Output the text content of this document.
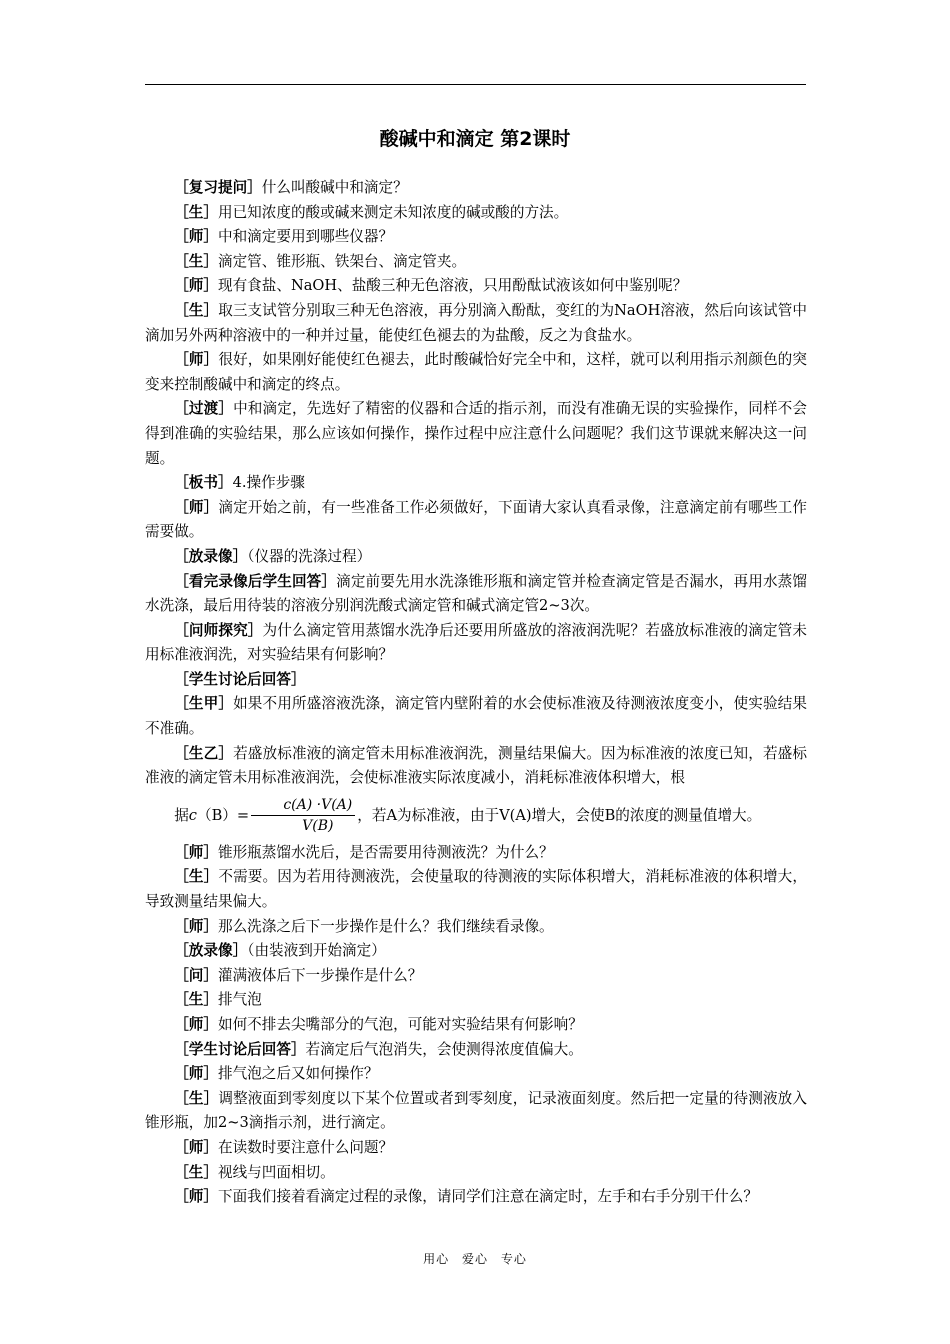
酸碱中和滴定 第2课时

［复习提问］什么叫酸碱中和滴定？

［生］用已知浓度的酸或碱来测定未知浓度的碱或酸的方法。

［师］中和滴定要用到哪些仪器？

［生］滴定管、锥形瓶、铁架台、滴定管夹。

［师］现有食盐、NaOH、盐酸三种无色溶液，只用酚酞试液该如何中鉴别呢？

［生］取三支试管分别取三种无色溶液，再分别滴入酚酞，变红的为NaOH溶液，然后向该试管中滴加另外两种溶液中的一种并过量，能使红色褪去的为盐酸，反之为食盐水。

［师］很好，如果刚好能使红色褪去，此时酸碱恰好完全中和，这样，就可以利用指示剂颜色的突变来控制酸碱中和滴定的终点。

［过渡］中和滴定，先选好了精密的仪器和合适的指示剂，而没有准确无误的实验操作，同样不会得到准确的实验结果，那么应该如何操作，操作过程中应注意什么问题呢？我们这节课就来解决这一问题。

［板书］4.操作步骤

［师］滴定开始之前，有一些准备工作必须做好，下面请大家认真看录像，注意滴定前有哪些工作需要做。

［放录像］（仪器的洗涤过程）

［看完录像后学生回答］滴定前要先用水洗涤锥形瓶和滴定管并检查滴定管是否漏水，再用水蒸馏水洗涤，最后用待装的溶液分别润洗酸式滴定管和碱式滴定管2~3次。

［问师探究］为什么滴定管用蒸馏水洗净后还要用所盛放的溶液润洗呢？若盛放标准液的滴定管未用标准液润洗，对实验结果有何影响？

［学生讨论后回答］

［生甲］如果不用所盛溶液洗涤，滴定管内壁附着的水会使标准液及待测液浓度变小，使实验结果不准确。

［生乙］若盛放标准液的滴定管未用标准液润洗，测量结果偏大。因为标准液的浓度已知，若盛标准液的滴定管未用标准液润洗，会使标准液实际浓度减小，消耗标准液体积增大，根

据$c(B)= \frac{c(A) \cdot V(A)}{V(B)}$ ，若A为标准液，由于V(A)增大，会使B的浓度的测量值增大。

［师］锥形瓶蒸馏水洗后，是否需要用待测液洗？为什么？

［生］不需要。因为若用待测液洗，会使量取的待测液的实际体积增大，消耗标准液的体积增大，导致测量结果偏大。

［师］那么洗涤之后下一步操作是什么？我们继续看录像。

［放录像］（由装液到开始滴定）

［问］灌满液体后下一步操作是什么？

［生］排气泡

［师］如何不排去尖嘴部分的气泡，可能对实验结果有何影响？

［学生讨论后回答］若滴定后气泡消失，会使测得浓度值偏大。

［师］排气泡之后又如何操作？

［生］调整液面到零刻度以下某个位置或者到零刻度，记录液面刻度。然后把一定量的待测液放入锥形瓶，加2~3滴指示剂，进行滴定。

［师］在读数时要注意什么问题？

［生］视线与凹面相切。

［师］下面我们接着看滴定过程的录像，请同学们注意在滴定时，左手和右手分别干什么？

用心 爱心 专心
